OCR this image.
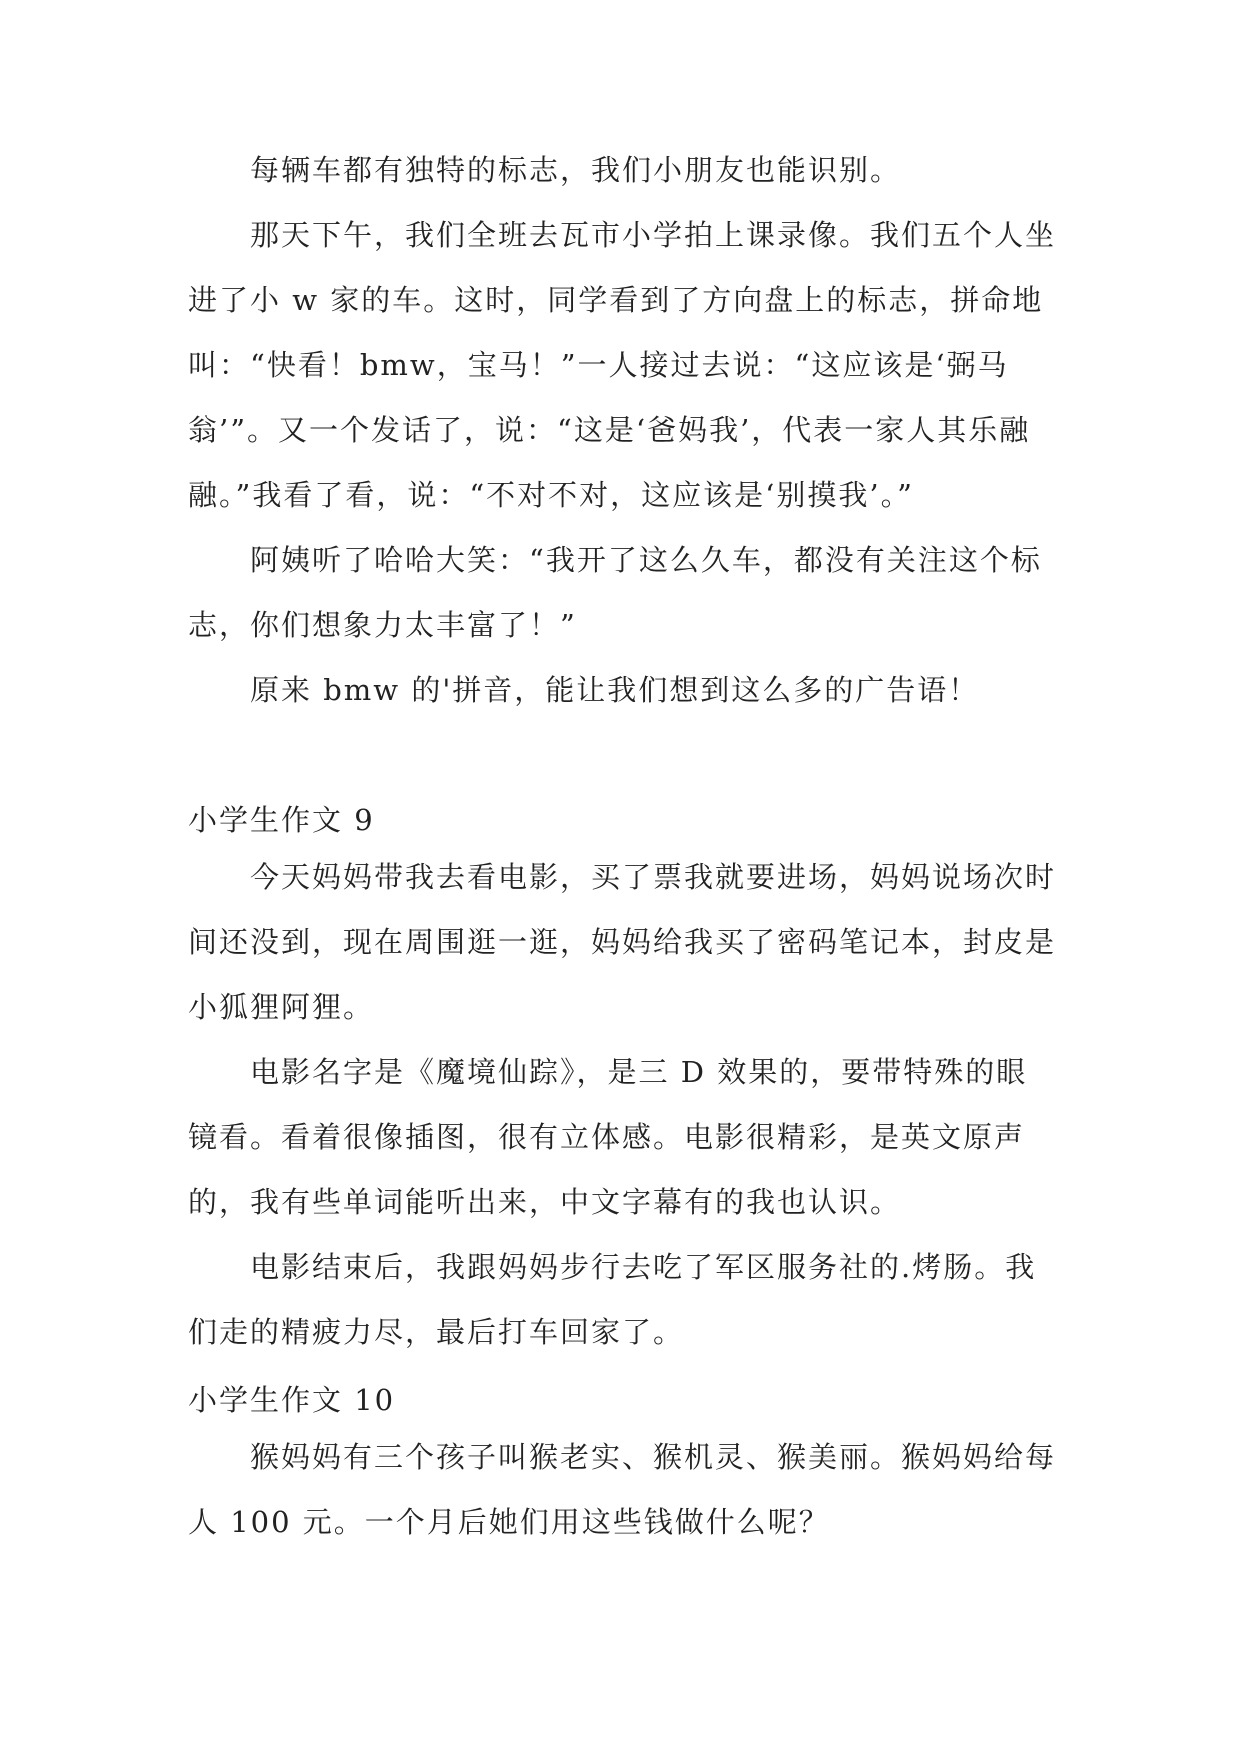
每辆车都有独特的标志，我们小朋友也能识别。

那天下午，我们全班去瓦市小学拍上课录像。我们五个人坐进了小 w 家的车。这时，同学看到了方向盘上的标志，拼命地叫：“快看！bmw，宝马！”一人接过去说：“这应该是‘弼马翁’”。又一个发话了，说：“这是‘爸妈我’，代表一家人其乐融融。”我看了看，说：“不对不对，这应该是‘别摸我’。”

阿姨听了哈哈大笑：“我开了这么久车，都没有关注这个标志，你们想象力太丰富了！”

原来 bmw 的'拼音，能让我们想到这么多的广告语！

小学生作文 9

今天妈妈带我去看电影，买了票我就要进场，妈妈说场次时间还没到，现在周围逛一逛，妈妈给我买了密码笔记本，封皮是小狐狸阿狸。

电影名字是《魔境仙踪》，是三 D 效果的，要带特殊的眼镜看。看着很像插图，很有立体感。电影很精彩，是英文原声的，我有些单词能听出来，中文字幕有的我也认识。

电影结束后，我跟妈妈步行去吃了军区服务社的.烤肠。我们走的精疲力尽，最后打车回家了。

小学生作文 10

猴妈妈有三个孩子叫猴老实、猴机灵、猴美丽。猴妈妈给每人 100 元。一个月后她们用这些钱做什么呢？
